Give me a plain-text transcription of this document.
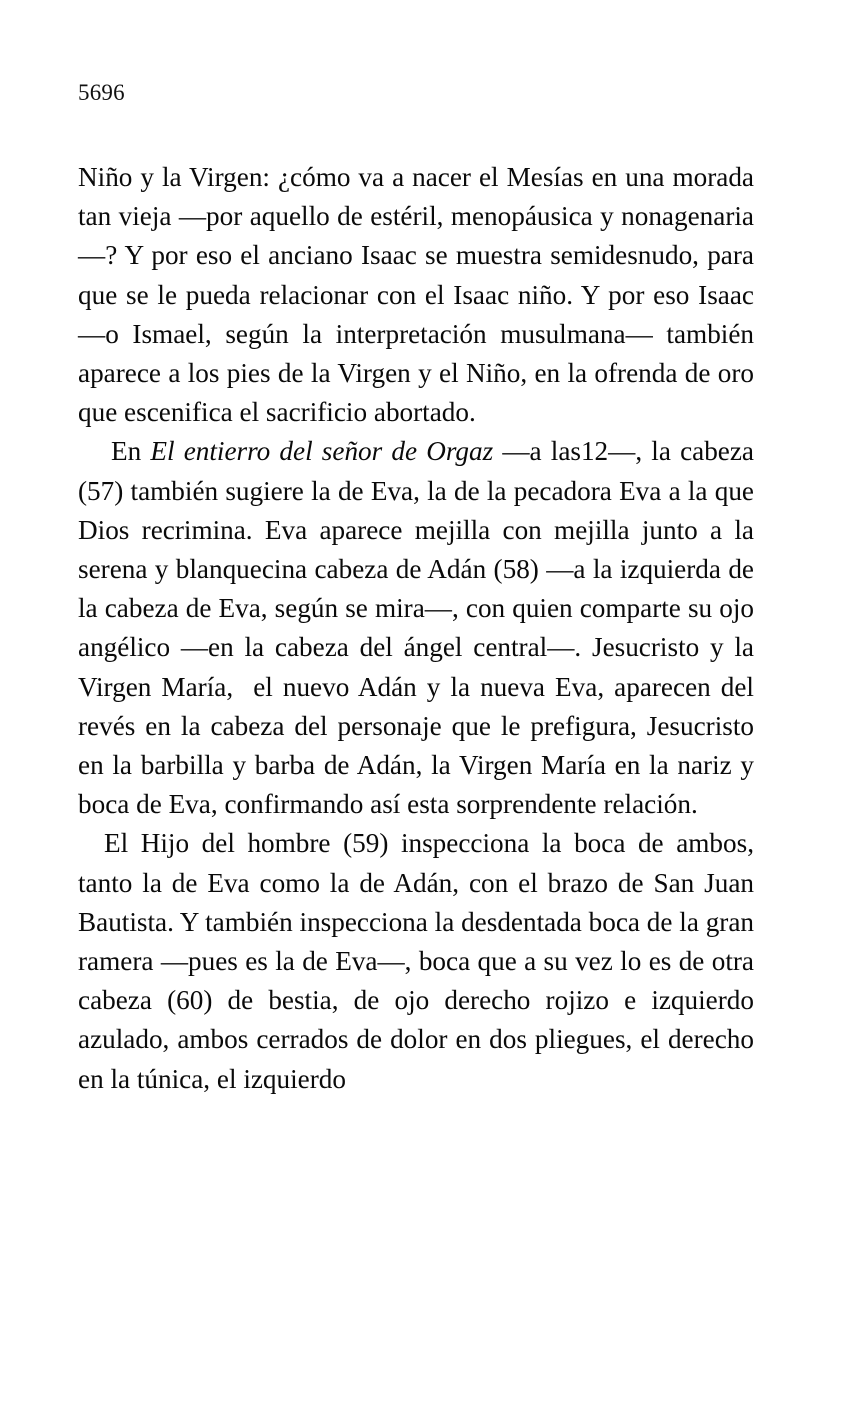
5696

Niño y la Virgen: ¿cómo va a nacer el Mesías en una morada tan vieja —por aquello de estéril, menopáusica y nonagenaria—? Y por eso el anciano Isaac se muestra semidesnudo, para que se le pueda relacionar con el Isaac niño. Y por eso Isaac —o Ismael, según la interpretación musulmana— también aparece a los pies de la Virgen y el Niño, en la ofrenda de oro que escenifica el sacrificio abortado.

En El entierro del señor de Orgaz —a las12—, la cabeza (57) también sugiere la de Eva, la de la pecadora Eva a la que Dios recrimina. Eva aparece mejilla con mejilla junto a la serena y blanquecina cabeza de Adán (58) —a la izquierda de la cabeza de Eva, según se mira—, con quien comparte su ojo angélico —en la cabeza del ángel central—. Jesucristo y la Virgen María,  el nuevo Adán y la nueva Eva, aparecen del revés en la cabeza del personaje que le prefigura, Jesucristo en la barbilla y barba de Adán, la Virgen María en la nariz y boca de Eva, confirmando así esta sorprendente relación.

El Hijo del hombre (59) inspecciona la boca de ambos, tanto la de Eva como la de Adán, con el brazo de San Juan Bautista. Y también inspecciona la desdentada boca de la gran ramera —pues es la de Eva—, boca que a su vez lo es de otra cabeza (60) de bestia, de ojo derecho rojizo e izquierdo azulado, ambos cerrados de dolor en dos pliegues, el derecho en la túnica, el izquierdo
